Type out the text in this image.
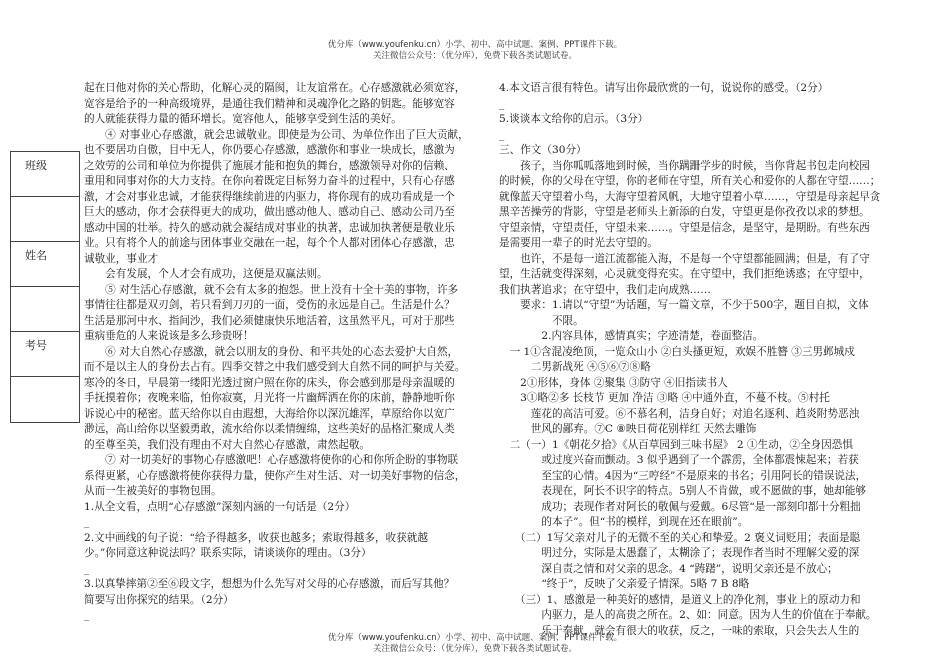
优分库（www.youfenku.cn）小学、初中、高中试题、案例、PPT课件下载。
关注微信公众号：（优分库），免费下载各类试题试卷。
班级
姓名
考号

起在日他对你的关心帮助，化解心灵的隔阂，让友谊常在。心存感激就必须宽容，

宽容是给予的一种高级境界，是通往我们精神和灵魂净化之路的钥匙。能够宽容

的人就能获得力量的循环增长。宽容他人，能够享受到生活的美好。

　　④ 对事业心存感激，就会忠诚敬业。即使是为公司、为单位作出了巨大贡献，

也不要居功自傲，目中无人，你仍要心存感激，感激你和事业一块成长，感激为

之效劳的公司和单位为你提供了施展才能和抱负的舞台，感激领导对你的信赖、

重用和同事对你的大力支持。在你向着既定目标努力奋斗的过程中，只有心存感

激，才会对事业忠诚，才能获得继续前进的内驱力，将你现有的成功看成是一个

巨大的感动，你才会获得更大的成功，做出感动他人、感动自己、感动公司乃至

感动中国的壮举。持久的感动就会凝结成对事业的执著，忠诚加执著便是敬业乐

业。只有将个人的前途与团体事业交融在一起，每个个人都对团体心存感激，忠

诚敬业，事业才

　　会有发展，个人才会有成功，这便是双赢法则。

　　⑤ 对生活心存感激，就不会有太多的抱怨。世上没有十全十美的事物，许多

事情往往都是双刃剑，若只看到刀刃的一面，受伤的永远是自己。生活是什么？

生活是那河中水、指间沙，我们必须健康快乐地活着，这虽然平凡，可对于那些

重病垂危的人来说该是多么珍贵呀！

　　⑥ 对大自然心存感激，就会以朋友的身份、和平共处的心态去爱护大自然，

而不是以主人的身份去占有。四季交替之中我们感受到大自然不同的呵护与关爱。

寒冷的冬日，早晨第一缕阳光透过窗户照在你的床头，你会感到那是母亲温暖的

手抚摸着你；夜晚来临，怕你寂寞，月光将一片幽辉洒在你的床前，静静地听你

诉说心中的秘密。蓝天给你以自由遐想，大海给你以深沉雄浑，草原给你以宽广

渺远，高山给你以坚毅勇敢，流水给你以柔情缠绵，这些美好的品格汇聚成人类

的至尊至美，我们没有理由不对大自然心存感激，肃然起敬。

　　⑦ 对一切美好的事物心存感激吧！心存感激将使你的心和你所企盼的事物联

系得更紧，心存感激将使你获得力量，使你产生对生活、对一切美好事物的信念，

从而一生被美好的事物包围。

1.从全文看，点明“心存感激”深刻内涵的一句话是（2分）

_

2.文中画线的句子说：“给予得越多，收获也越多；索取得越多，收获就越

少。”你同意这种说法吗？联系实际，请谈谈你的理由。（3分）

_

3.以真挚摔第②至⑥段文字，想想为什么先写对父母的心存感激，而后写其他？

简要写出你探究的结果。（2分）

_

4.本文语言很有特色。请写出你最欣赏的一句，说说你的感受。（2分）

_

5.谈谈本文给你的启示。（3分）

_

三、作文（30分）

　　孩子，当你呱呱落地到时候，当你蹒跚学步的时候，当你背起书包走向校园

的时候，你的父母在守望，你的老师在守望，所有关心和爱你的人都在守望……；

就像蓝天守望着小鸟，大海守望着风帆，大地守望着小草……，守望是母亲起早贪

黑辛苦操劳的背影，守望是老师头上新添的白发，守望更是你孜孜以求的梦想。

守望亲情，守望责任，守望未来……。守望是信念，是坚守，是期盼。有些东西

是需要用一辈子的时光去守望的。

　　也许，不是每一道江流都能入海，不是每一个守望都能圆满；但是，有了守

望，生活就变得深刻，心灵就变得充实。在守望中，我们拒绝诱惑；在守望中，

我们执著追求；在守望中，我们走向成熟……

　　要求：1.请以“守望”为话题，写一篇文章，不少于500字，题目自拟，文体

　　　　　不限。

　　　　2.内容具体，感情真实；字迹清楚，卷面整洁。

　一 1①含混凌绝顶，一览众山小 ②白头搔更短，欢娱不胜簪 ③三男邺城戍

　　　二男新战死 ④⑤⑥⑦⑧略

　　2①形体，身体 ②聚集 ③防守 ④旧指读书人

　　3①略②多 长枝节 更加 净洁 ③略 ④中通外直，不蔓不枝。⑤村托

　　　莲花的高洁可爱。⑥不慕名利，洁身自好；对追名逐利、趋炎附势恶浊

　　　世风的鄙弃。⑦C ⑧映日荷花别样红 天然去雕饰

　二（一）1《朝花夕拾》《从百草园到三味书屋》 2 ①生动，②全身因恐惧

　　　　或过度兴奋而颤动。3 似乎遇到了一个霹雳，全体都震悚起来；若获

　　　　至宝的心情。4因为“三哼经”不是原来的书名；引用阿长的错误说法，

　　　　表现在，阿长不识字的特点。5别人不肯做，或不愿做的事，她却能够

　　　　成功；表现作者对阿长的敬佩与爱戴。6尽管“是一部刻印都十分粗拙

　　　　的本子”。但“书的模样，到现在还在眼前”。

　　（二）1写父亲对儿子的无微不至的关心和挚爱。2 褒义词贬用；表面是聪

　　　　明过分，实际是太愚蠢了，太糊涂了；表现作者当时不理解父爱的深

　　　　深自责之情和对父亲的思念。4 “踌躇”，说明父亲还是不放心；

　　　　“终于”，反映了父亲爱子情深。5略 7 B 8略

　　（三）1、感激是一种美好的感情，是道义上的净化剂，事业上的原动力和

　　　　内驱力，是人的高贵之所在。2、如：同意。因为人生的价值在于奉献。

　　　　乐于奉献，就会有很大的收获，反之，一味的索取，只会失去人生的

优分库（www.youfenku.cn）小学、初中、高中试题、案例、PPT课件下载。
关注微信公众号：（优分库），免费下载各类试题试卷。
